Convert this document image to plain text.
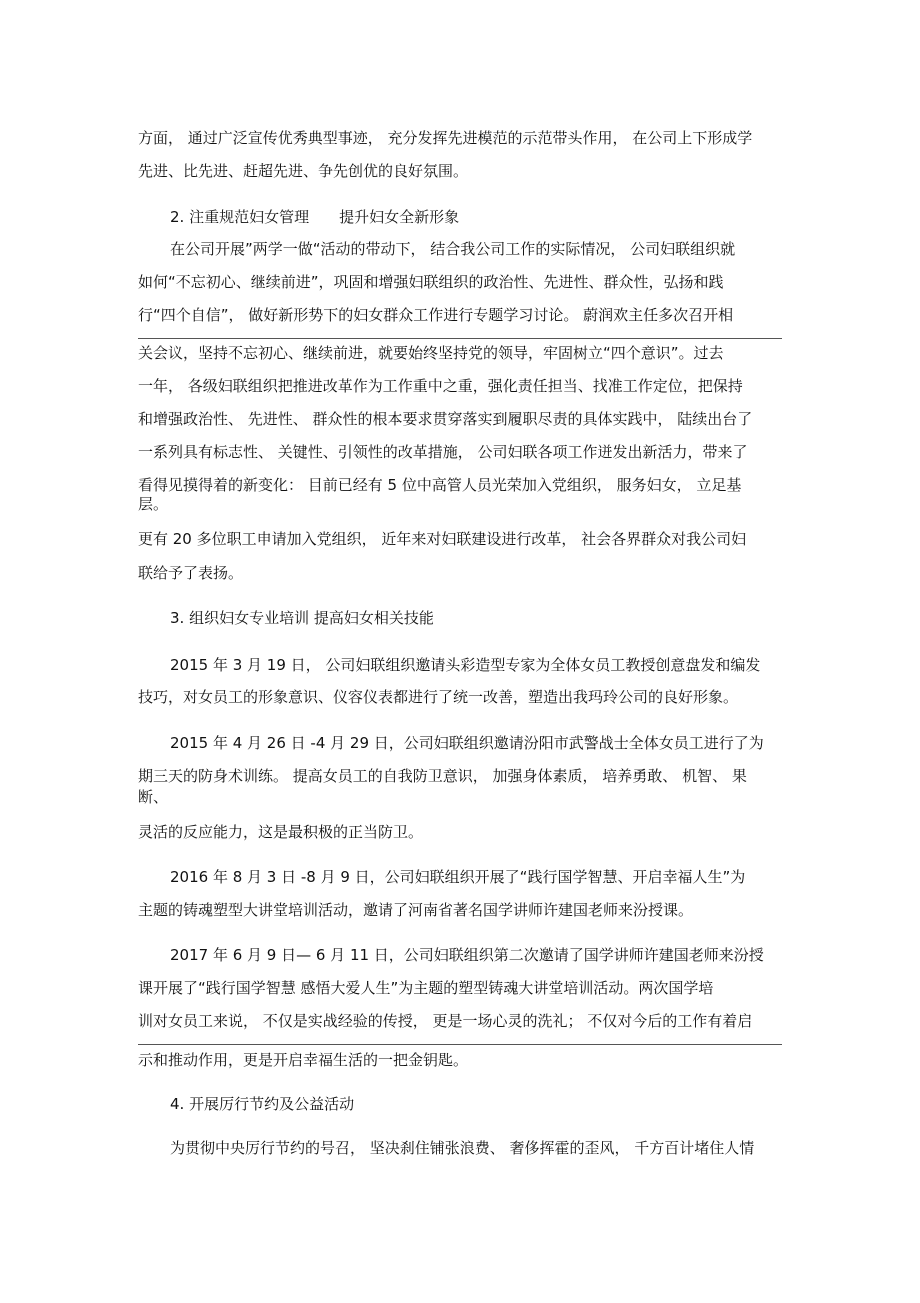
方面， 通过广泛宣传优秀典型事迹， 充分发挥先进模范的示范带头作用， 在公司上下形成学
先进、比先进、赶超先进、争先创优的良好氛围。
2. 注重规范妇女管理　　提升妇女全新形象
在公司开展”两学一做“活动的带动下， 结合我公司工作的实际情况， 公司妇联组织就
如何“不忘初心、继续前进”，巩固和增强妇联组织的政治性、先进性、群众性，弘扬和践
行“四个自信”， 做好新形势下的妇女群众工作进行专题学习讨论。 蔚润欢主任多次召开相
关会议，坚持不忘初心、继续前进，就要始终坚持党的领导，牢固树立“四个意识”。过去
一年， 各级妇联组织把推进改革作为工作重中之重，强化责任担当、找准工作定位，把保持
和增强政治性、 先进性、 群众性的根本要求贯穿落实到履职尽责的具体实践中， 陆续出台了
一系列具有标志性、 关键性、引领性的改革措施， 公司妇联各项工作迸发出新活力，带来了
看得见摸得着的新变化： 目前已经有 5 位中高管人员光荣加入党组织， 服务妇女， 立足基
层。
更有 20 多位职工申请加入党组织， 近年来对妇联建设进行改革， 社会各界群众对我公司妇
联给予了表扬。
3. 组织妇女专业培训 提高妇女相关技能
2015 年 3 月 19 日， 公司妇联组织邀请头彩造型专家为全体女员工教授创意盘发和编发
技巧，对女员工的形象意识、仪容仪表都进行了统一改善，塑造出我玛玲公司的良好形象。
2015 年 4 月 26 日 -4 月 29 日，公司妇联组织邀请汾阳市武警战士全体女员工进行了为
期三天的防身术训练。 提高女员工的自我防卫意识， 加强身体素质， 培养勇敢、 机智、 果
断、
灵活的反应能力，这是最积极的正当防卫。
2016 年 8 月 3 日 -8 月 9 日，公司妇联组织开展了“践行国学智慧、开启幸福人生”为
主题的铸魂塑型大讲堂培训活动，邀请了河南省著名国学讲师许建国老师来汾授课。
2017 年 6 月 9 日— 6 月 11 日，公司妇联组织第二次邀请了国学讲师许建国老师来汾授
课开展了“践行国学智慧 感悟大爱人生”为主题的塑型铸魂大讲堂培训活动。两次国学培
训对女员工来说， 不仅是实战经验的传授， 更是一场心灵的洗礼； 不仅对今后的工作有着启
示和推动作用，更是开启幸福生活的一把金钥匙。
4. 开展厉行节约及公益活动
为贯彻中央厉行节约的号召， 坚决刹住铺张浪费、 奢侈挥霍的歪风， 千方百计堵住人情
